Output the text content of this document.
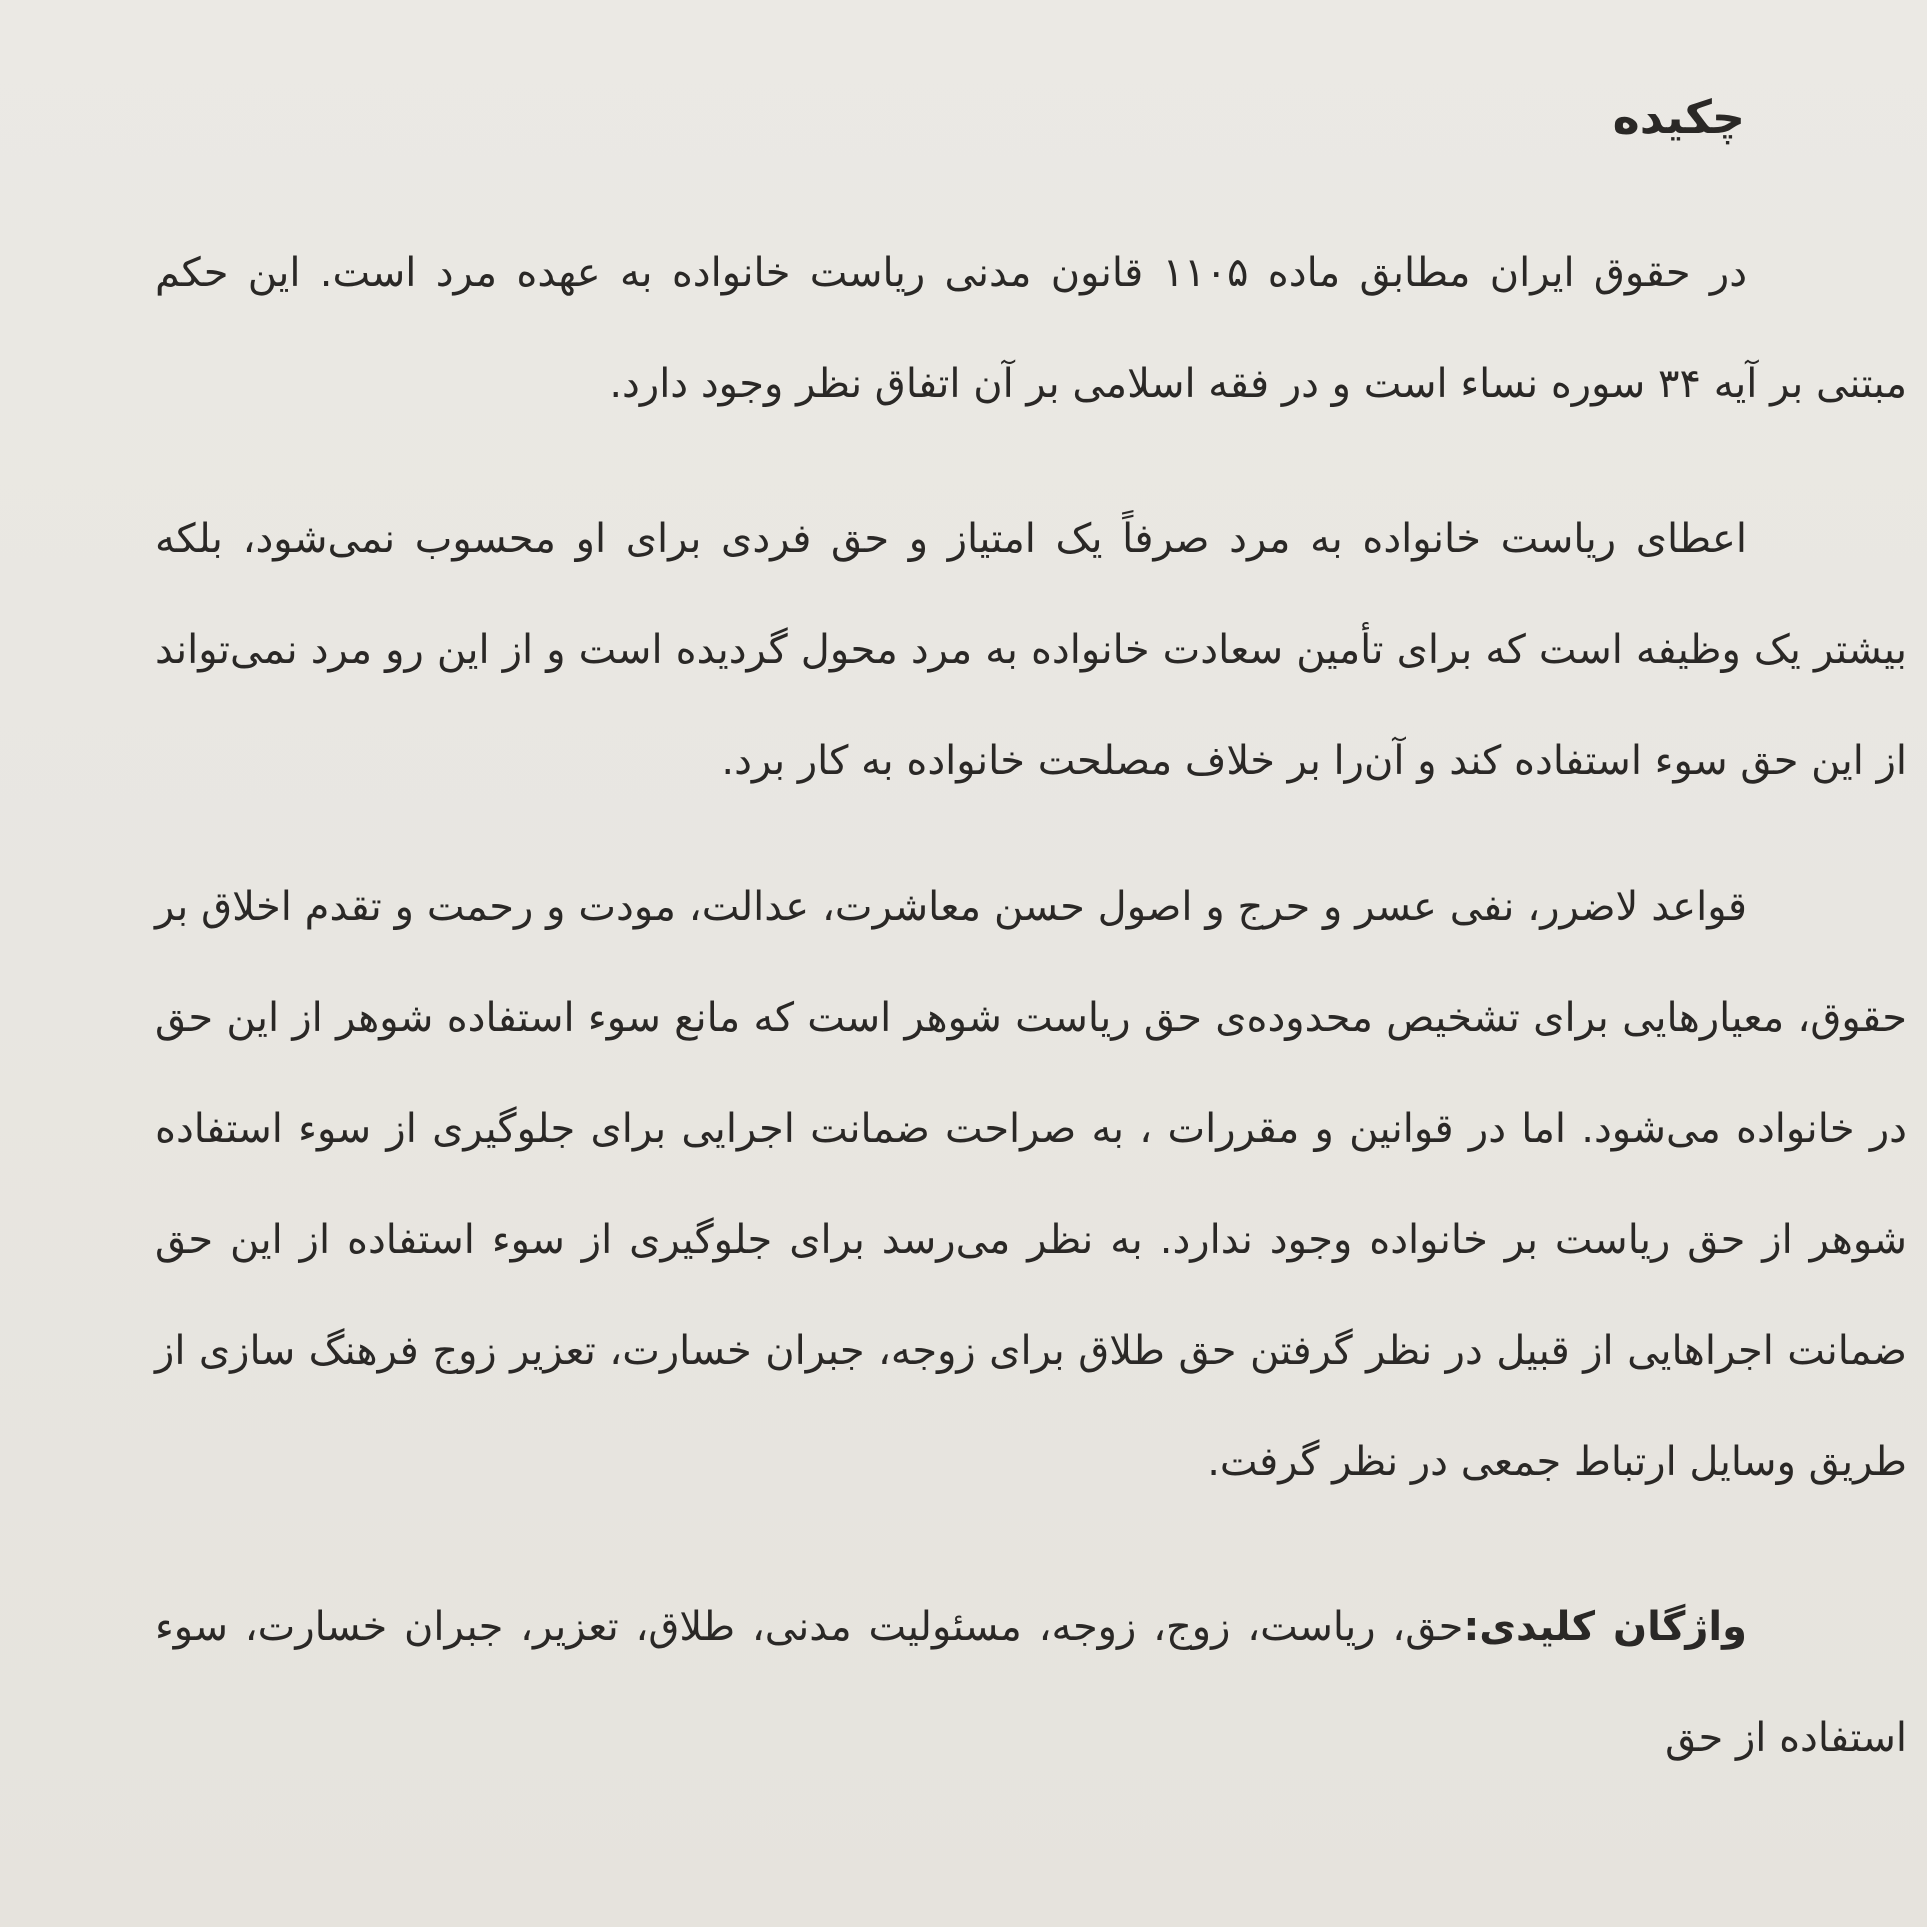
چکیده

در حقوق ایران مطابق ماده ۱۱۰۵ قانون مدنی ریاست خانواده به عهده مرد است. این حکم مبتنی بر آیه ۳۴ سوره نساء است و در فقه اسلامی بر آن اتفاق نظر وجود دارد.

اعطای ریاست خانواده به مرد صرفاً یک امتیاز و حق فردی برای او محسوب نمی‌شود، بلکه بیشتر یک وظیفه است که برای تأمین سعادت خانواده به مرد محول گردیده است و از این رو مرد نمی‌تواند از این حق سوء استفاده کند و آن‌را بر خلاف مصلحت خانواده به کار برد.

قواعد لاضرر، نفی عسر و حرج و اصول حسن معاشرت، عدالت، مودت و رحمت و تقدم اخلاق بر حقوق، معیارهایی برای تشخیص محدوده‌ی حق ریاست شوهر است که مانع سوء استفاده شوهر از این حق در خانواده می‌شود. اما در قوانین و مقررات ، به صراحت ضمانت اجرایی برای جلوگیری از سوء استفاده شوهر از حق ریاست بر خانواده وجود ندارد. به نظر می‌رسد برای جلوگیری از سوء استفاده از این حق ضمانت اجراهایی از قبیل در نظر گرفتن حق طلاق برای زوجه، جبران خسارت، تعزیر زوج فرهنگ سازی از طریق وسایل ارتباط جمعی در نظر گرفت.

واژگان کلیدی:حق، ریاست، زوج، زوجه، مسئولیت مدنی، طلاق، تعزیر، جبران خسارت، سوء استفاده از حق
